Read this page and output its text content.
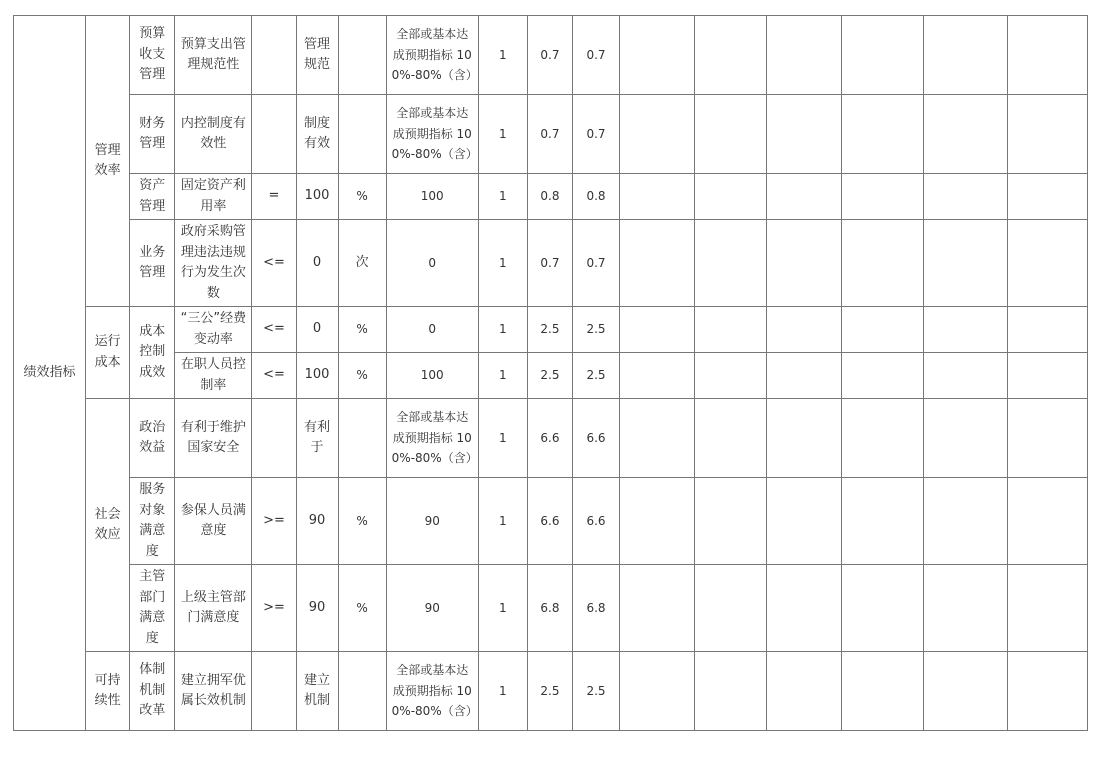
绩效指标	管理效率	预算收支管理	预算支出管理规范性		管理规范		全部或基本达成预期指标 100%-80%（含）	1	0.7	0.7						
		财务管理	内控制度有效性		制度有效		全部或基本达成预期指标 100%-80%（含）	1	0.7	0.7						
		资产管理	固定资产利用率	=	100	%	100	1	0.8	0.8						
		业务管理	政府采购管理违法违规行为发生次数	<=	0	次	0	1	0.7	0.7						
	运行成本	成本控制成效	“三公”经费变动率	<=	0	%	0	1	2.5	2.5						
			在职人员控制率	<=	100	%	100	1	2.5	2.5						
	社会效应	政治效益	有利于维护国家安全		有利于		全部或基本达成预期指标 100%-80%（含）	1	6.6	6.6						
		服务对象满意度	参保人员满意度	>=	90	%	90	1	6.6	6.6						
		主管部门满意度	上级主管部门满意度	>=	90	%	90	1	6.8	6.8						
	可持续性	体制机制改革	建立拥军优属长效机制		建立机制		全部或基本达成预期指标 100%-80%（含）	1	2.5	2.5						
